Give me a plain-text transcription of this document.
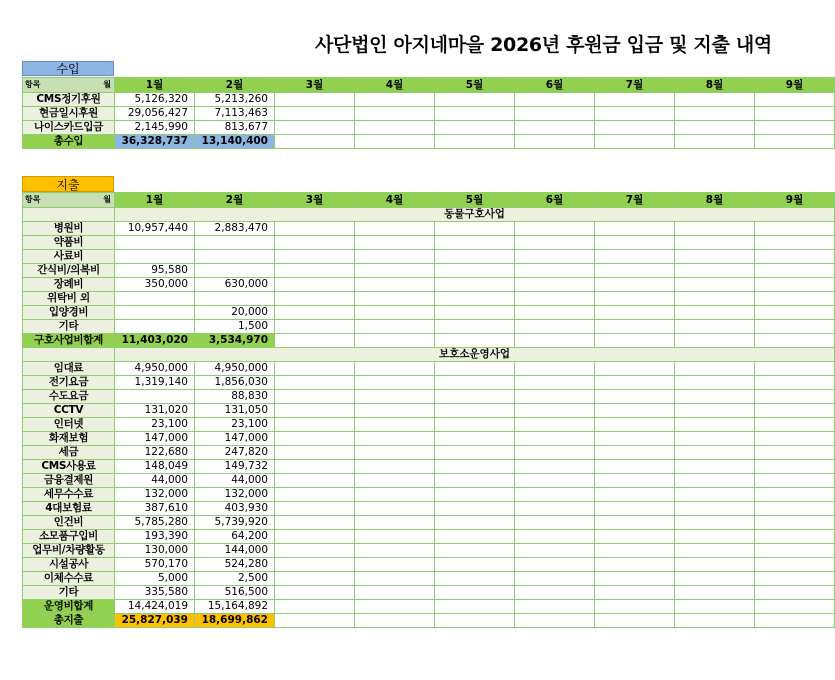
사단법인 아지네마을 2026년 후원금 입금 및 지출 내역
수입
항목 월	1월	2월	3월	4월	5월	6월	7월	8월	9월
CMS정기후원	5,126,320	5,213,260							
현금일시후원	29,056,427	7,113,463							
나이스카드입금	2,145,990	813,677							
총수입	36,328,737	13,140,400							
지출
항목 월	1월	2월	3월	4월	5월	6월	7월	8월	9월
	동물구호사업								
병원비	10,957,440	2,883,470							
약품비									
사료비									
간식비/의복비	95,580								
장례비	350,000	630,000							
위탁비 외									
입양경비		20,000							
기타		1,500							
구호사업비합계	11,403,020	3,534,970							
	보호소운영사업								
임대료	4,950,000	4,950,000							
전기요금	1,319,140	1,856,030							
수도요금		88,830							
CCTV	131,020	131,050							
인터넷	23,100	23,100							
화재보험	147,000	147,000							
세금	122,680	247,820							
CMS사용료	148,049	149,732							
금융결제원	44,000	44,000							
세무수수료	132,000	132,000							
4대보험료	387,610	403,930							
인건비	5,785,280	5,739,920							
소모품구입비	193,390	64,200							
업무비/차량활동	130,000	144,000							
시설공사	570,170	524,280							
이체수수료	5,000	2,500							
기타	335,580	516,500							
운영비합계	14,424,019	15,164,892							
총지출	25,827,039	18,699,862							
